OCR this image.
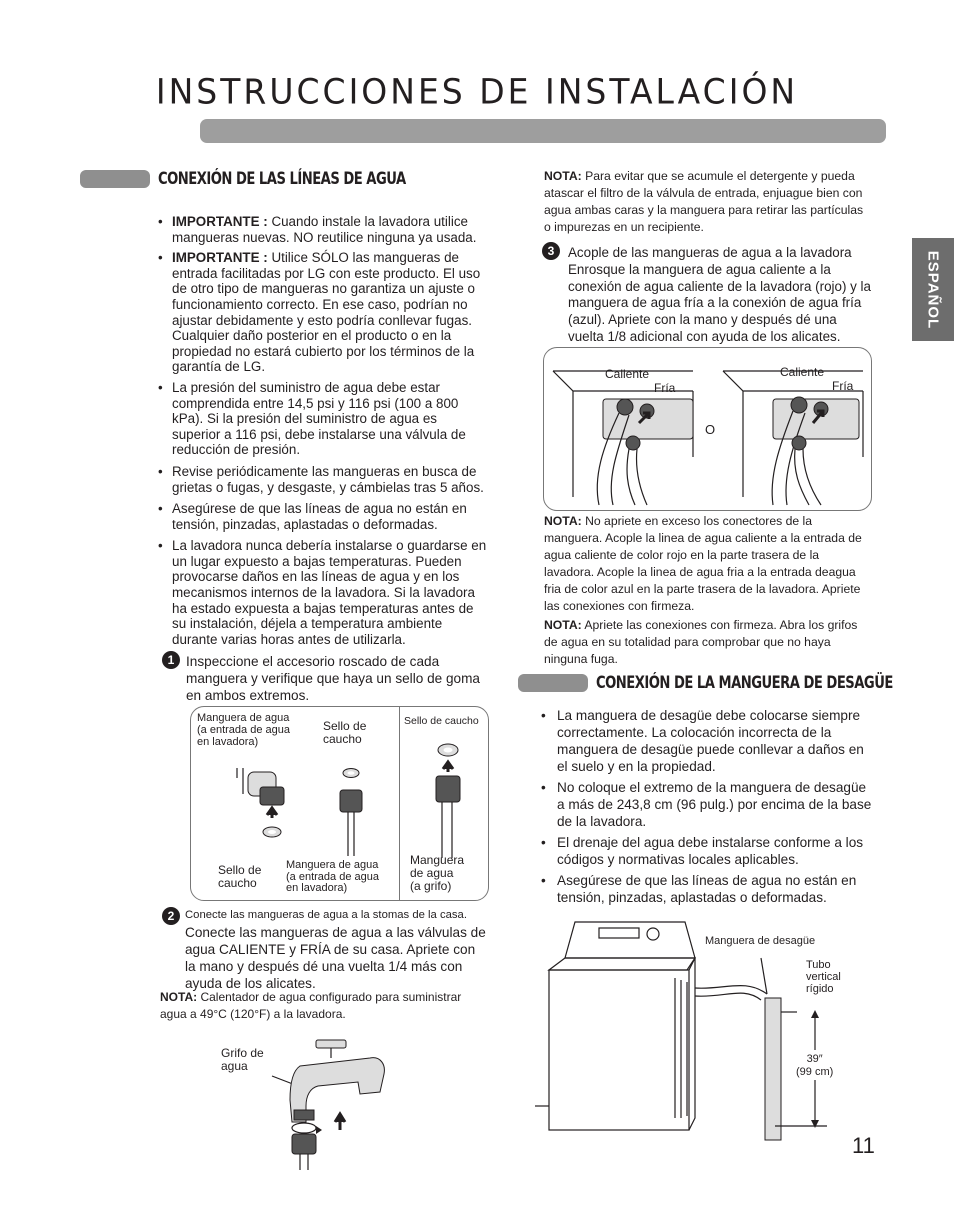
INSTRUCCIONES DE INSTALACIÓN
ESPAÑOL
CONEXIÓN DE LAS LÍNEAS DE AGUA
• IMPORTANTE : Cuando instale la lavadora utilice mangueras nuevas. NO reutilice ninguna ya usada.
• IMPORTANTE : Utilice SÓLO las mangueras de entrada facilitadas por LG con este producto. El uso de otro tipo de mangueras no garantiza un ajuste o funcionamiento correcto. En ese caso, podrían no ajustar debidamente y esto podría conllevar fugas. Cualquier daño posterior en el producto o en la propiedad no estará cubierto por los términos de la garantía de LG.
• La presión del suministro de agua debe estar comprendida entre 14,5 psi y 116 psi (100 a 800 kPa). Si la presión del suministro de agua es superior a 116 psi, debe instalarse una válvula de reducción de presión.
• Revise periódicamente las mangueras en busca de grietas o fugas, y desgaste, y cámbielas tras 5 años.
• Asegúrese de que las líneas de agua no están en tensión, pinzadas, aplastadas o deformadas.
• La lavadora nunca debería instalarse o guardarse en un lugar expuesto a bajas temperaturas. Pueden provocarse daños en las líneas de agua y en los mecanismos internos de la lavadora. Si la lavadora ha estado expuesta a bajas temperaturas antes de su instalación, déjela a temperatura ambiente durante varias horas antes de utilizarla.
1 Inspeccione el accesorio roscado de cada manguera y verifique que haya un sello de goma en ambos extremos.
Manguera de agua
(a entrada de agua
en lavadora)
Sello de
caucho
Sello de caucho
Sello de
caucho
Manguera de agua
(a entrada de agua
en lavadora)
Manguera
de agua
(a grifo)
2 Conecte las mangueras de agua a la stomas de la casa. Conecte las mangueras de agua a las válvulas de agua CALIENTE y FRÍA de su casa. Apriete con la mano y después dé una vuelta 1/4 más con ayuda de los alicates.
NOTA: Calentador de agua configurado para suministrar agua a 49°C (120°F) a la lavadora.
Grifo de
agua
NOTA: Para evitar que se acumule el detergente y pueda atascar el filtro de la válvula de entrada, enjuague bien con agua ambas caras y la manguera para retirar las partículas o impurezas en un recipiente.
3	Acople de las mangueras de agua a la lavadora Enrosque la manguera de agua caliente a la conexión de agua caliente de la lavadora (rojo) y la manguera de agua fría a la conexión de agua fría (azul). Apriete con la mano y después dé una vuelta 1/8 adicional con ayuda de los alicates.
Caliente
Fría
Caliente
Fría
O
NOTA: No apriete en exceso los conectores de la manguera. Acople la linea de agua caliente a la entrada de agua caliente de color rojo en la parte trasera de la lavadora. Acople la linea de agua fria a la entrada deagua fria de color azul en la parte trasera de la lavadora. Apriete las conexiones con firmeza.
NOTA: Apriete las conexiones con firmeza. Abra los grifos de agua en su totalidad para comprobar que no haya ninguna fuga.
CONEXIÓN DE LA MANGUERA DE DESAGÜE
• La manguera de desagüe debe colocarse siempre correctamente. La colocación incorrecta de la manguera de desagüe puede conllevar a daños en el suelo y en la propiedad.
• No coloque el extremo de la manguera de desagüe a más de 243,8 cm (96 pulg.) por encima de la base de la lavadora.
• El drenaje del agua debe instalarse conforme a los códigos y normativas locales aplicables.
• Asegúrese de que las líneas de agua no están en tensión, pinzadas, aplastadas o deformadas.
Manguera de desagüe
Tubo
vertical
rígido
39″
(99 cm)
11
